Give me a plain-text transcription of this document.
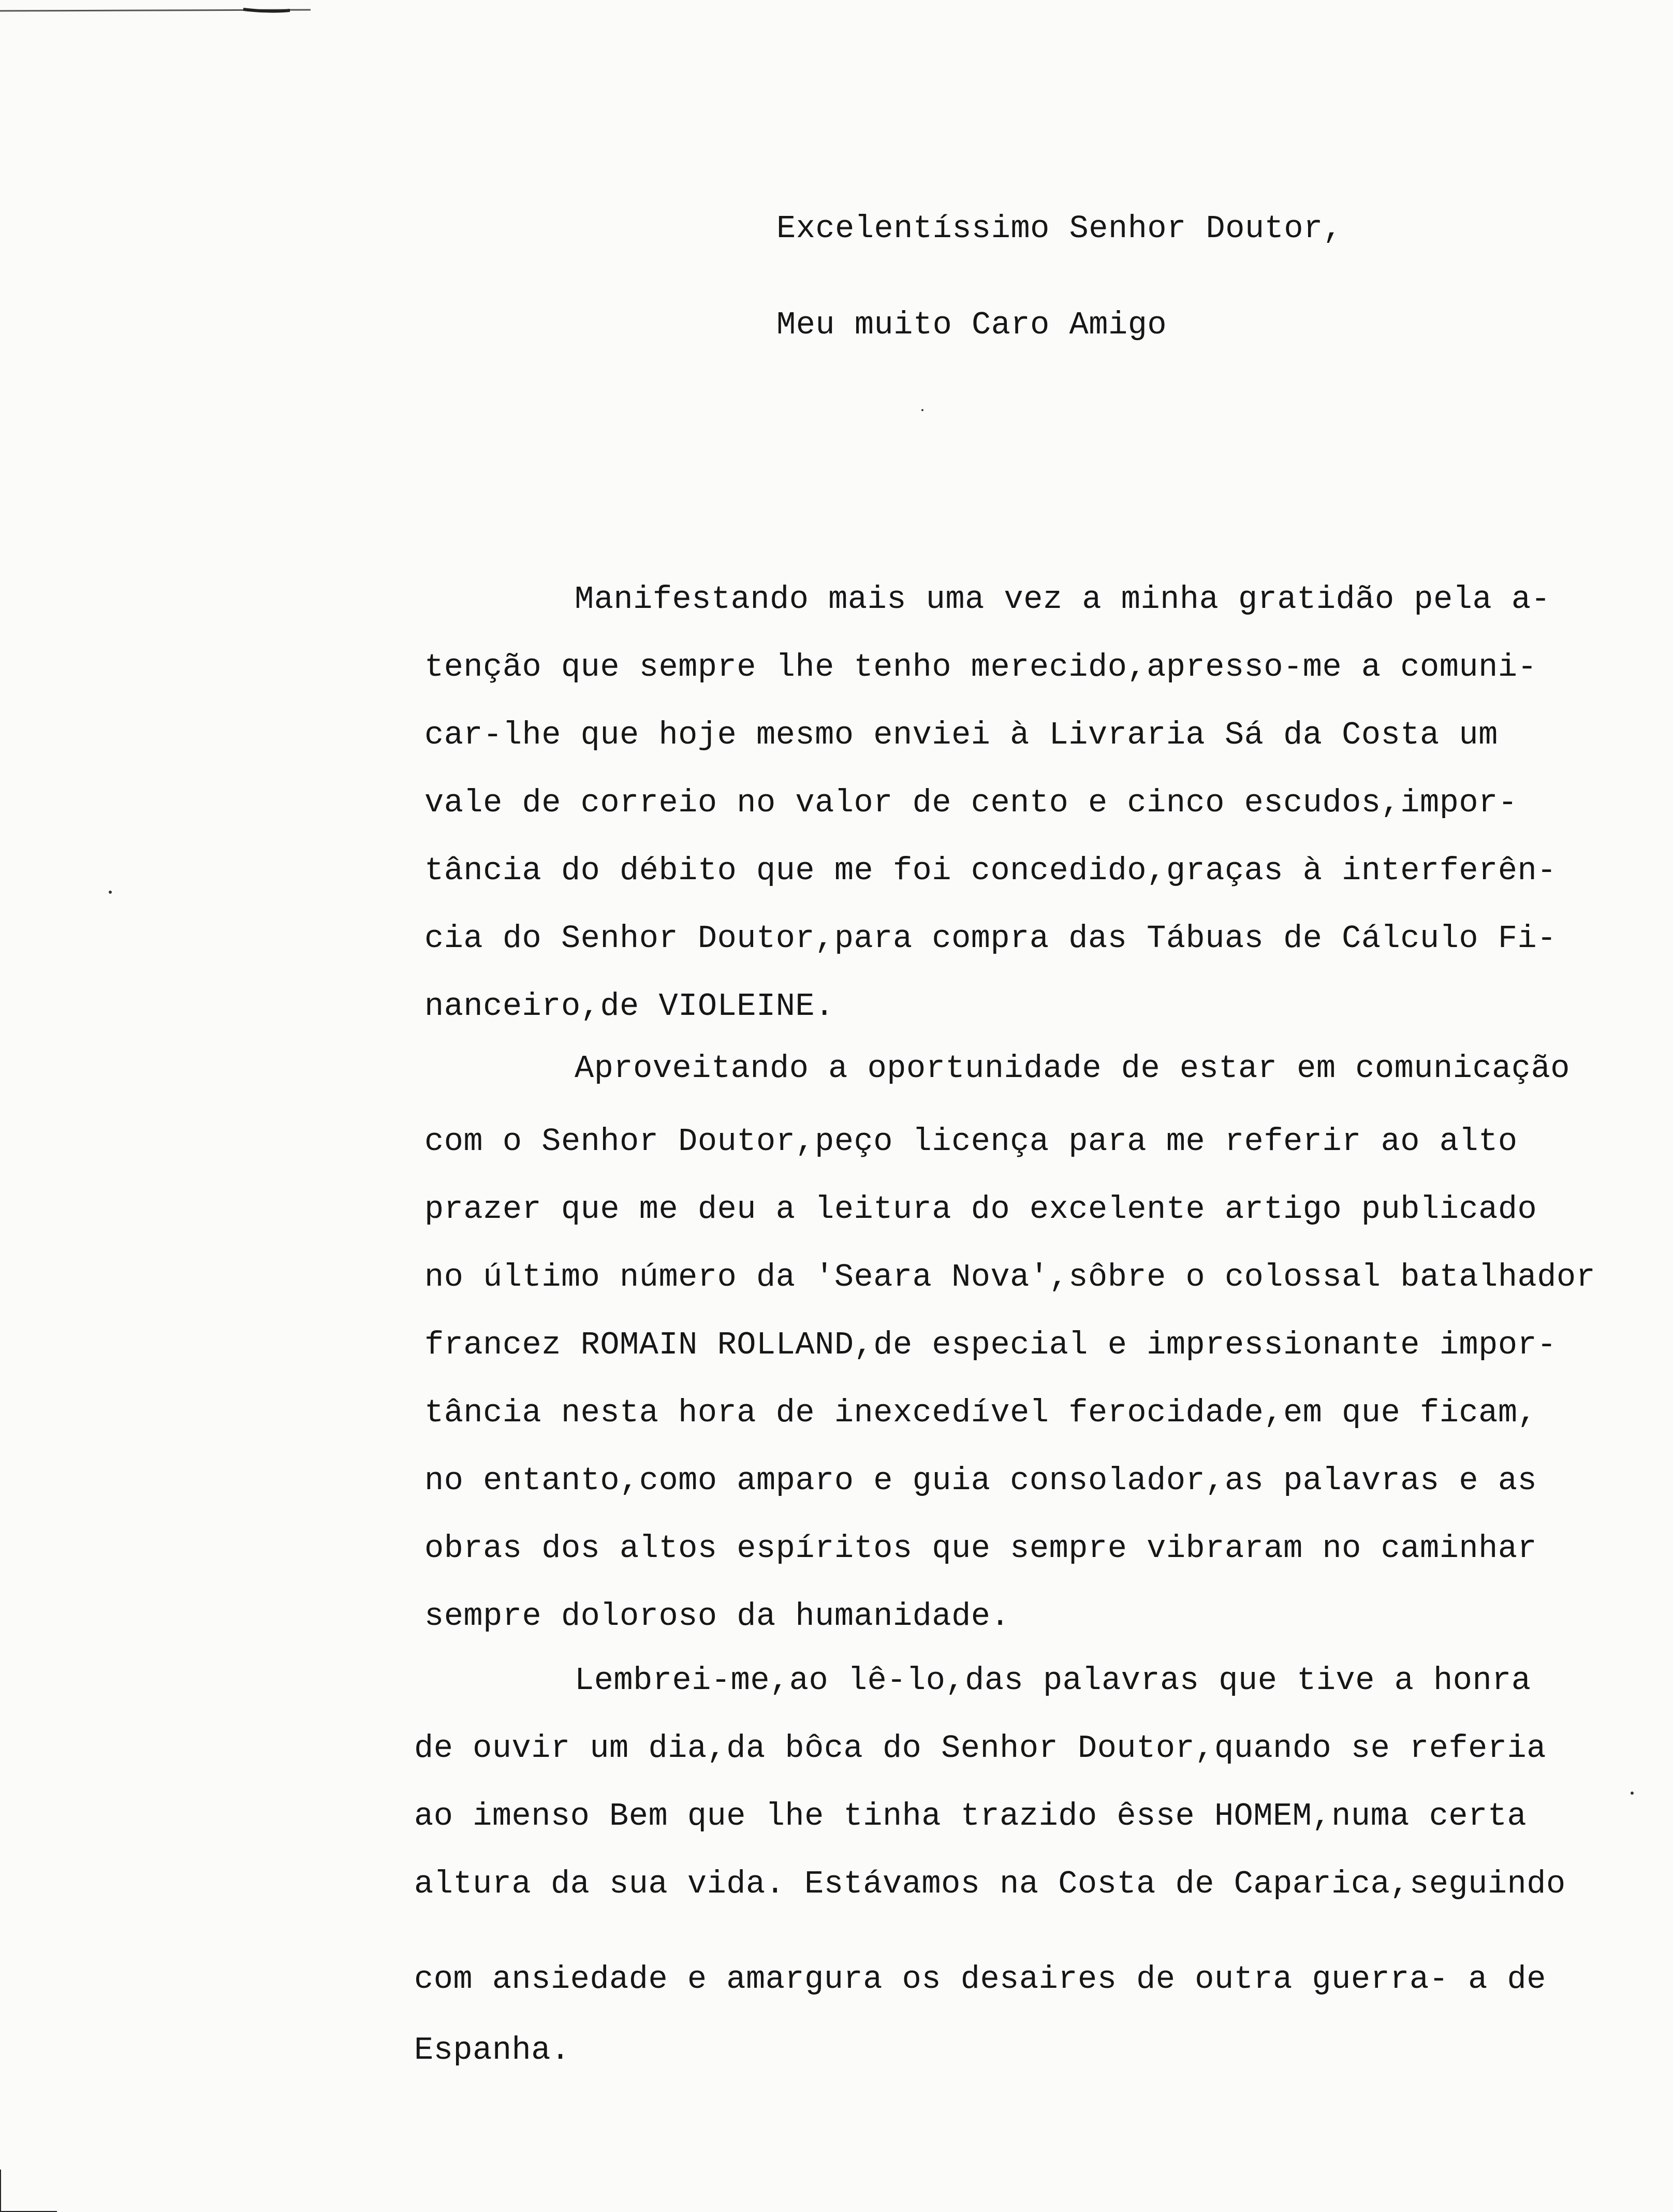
Excelentíssimo Senhor Doutor,

Meu muito Caro Amigo

Manifestando mais uma vez a minha gratidão pela a-

tenção que sempre lhe tenho merecido,apresso-me a comuni-

car-lhe que hoje mesmo enviei à Livraria Sá da Costa um

vale de correio no valor de cento e cinco escudos,impor-

tância do débito que me foi concedido,graças à interferên-

cia do Senhor Doutor,para compra das Tábuas de Cálculo Fi-

nanceiro,de VIOLEINE.

Aproveitando a oportunidade de estar em comunicação

com o Senhor Doutor,peço licença para me referir ao alto

prazer que me deu a leitura do excelente artigo publicado

no último número da 'Seara Nova',sôbre o colossal batalhador

francez ROMAIN ROLLAND,de especial e impressionante impor-

tância nesta hora de inexcedível ferocidade,em que ficam,

no entanto,como amparo e guia consolador,as palavras e as

obras dos altos espíritos que sempre vibraram no caminhar

sempre doloroso da humanidade.

Lembrei-me,ao lê-lo,das palavras que tive a honra

de ouvir um dia,da bôca do Senhor Doutor,quando se referia

ao imenso Bem que lhe tinha trazido êsse HOMEM,numa certa

altura da sua vida. Estávamos na Costa de Caparica,seguindo

com ansiedade e amargura os desaires de outra guerra- a de

Espanha.
